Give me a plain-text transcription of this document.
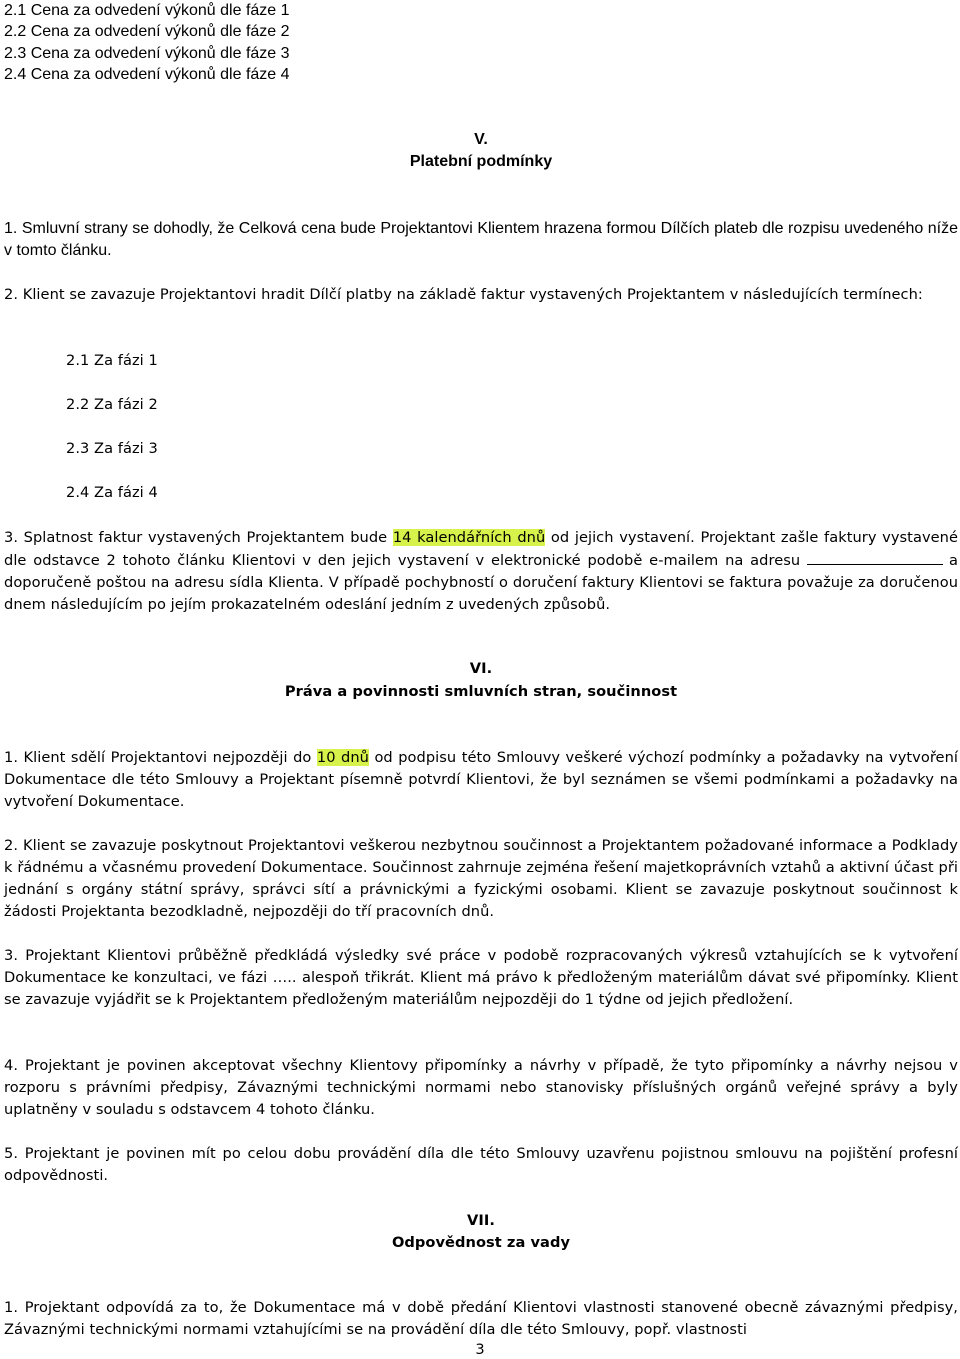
2.1 Cena za odvedení výkonů dle fáze 1

2.2 Cena za odvedení výkonů dle fáze 2

2.3 Cena za odvedení výkonů dle fáze 3

2.4 Cena za odvedení výkonů dle fáze 4

V.

Platební podmínky

1. Smluvní strany se dohodly, že Celková cena bude Projektantovi Klientem hrazena formou Dílčích plateb dle rozpisu uvedeného níže v tomto článku.

2. Klient se zavazuje Projektantovi hradit Dílčí platby na základě faktur vystavených Projektantem v následujících termínech:

2.1 Za fázi 1

2.2 Za fázi 2

2.3 Za fázi 3

2.4 Za fázi 4

3. Splatnost faktur vystavených Projektantem bude 14 kalendářních dnů od jejich vystavení. Projektant zašle faktury vystavené dle odstavce 2 tohoto článku Klientovi v den jejich vystavení v elektronické podobě e-mailem na adresu	a doporučeně poštou na adresu sídla Klienta. V případě pochybností o doručení faktury Klientovi se faktura považuje za doručenou dnem následujícím po jejím prokazatelném odeslání jedním z uvedených způsobů.

VI.

Práva a povinnosti smluvních stran, součinnost

1. Klient sdělí Projektantovi nejpozději do 10 dnů od podpisu této Smlouvy veškeré výchozí podmínky a požadavky na vytvoření Dokumentace dle této Smlouvy a Projektant písemně potvrdí Klientovi, že byl seznámen se všemi podmínkami a požadavky na vytvoření Dokumentace.

2. Klient se zavazuje poskytnout Projektantovi veškerou nezbytnou součinnost a Projektantem požadované informace a Podklady k řádnému a včasnému provedení Dokumentace. Součinnost zahrnuje zejména řešení majetkoprávních vztahů a aktivní účast při jednání s orgány státní správy, správci sítí a právnickými a fyzickými osobami. Klient se zavazuje poskytnout součinnost k žádosti Projektanta bezodkladně, nejpozději do tří pracovních dnů.

3. Projektant Klientovi průběžně předkládá výsledky své práce v podobě rozpracovaných výkresů vztahujících se k vytvoření Dokumentace ke konzultaci, ve fázi ….. alespoň třikrát. Klient má právo k předloženým materiálům dávat své připomínky. Klient se zavazuje vyjádřit se k Projektantem předloženým materiálům nejpozději do 1 týdne od jejich předložení.

4. Projektant je povinen akceptovat všechny Klientovy připomínky a návrhy v případě, že tyto připomínky a návrhy nejsou v rozporu s právními předpisy, Závaznými technickými normami nebo stanovisky příslušných orgánů veřejné správy a byly uplatněny v souladu s odstavcem 4 tohoto článku.

5. Projektant je povinen mít po celou dobu provádění díla dle této Smlouvy uzavřenu pojistnou smlouvu na pojištění profesní odpovědnosti.

VII.

Odpovědnost za vady

1. Projektant odpovídá za to, že Dokumentace má v době předání Klientovi vlastnosti stanovené obecně závaznými předpisy, Závaznými technickými normami vztahujícími se na provádění díla dle této Smlouvy, popř. vlastnosti

3
